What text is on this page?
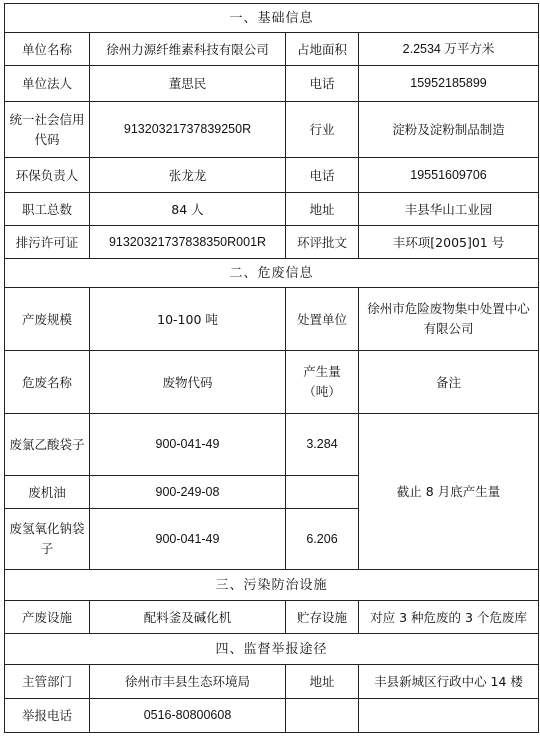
一、基础信息			
单位名称	徐州力源纤维素科技有限公司	占地面积	2.2534 万平方米
单位法人	董思民	电话	15952185899
统一社会信用代码	91320321737839250R	行业	淀粉及淀粉制品制造
环保负责人	张龙龙	电话	19551609706
职工总数	84 人	地址	丰县华山工业园
排污许可证	91320321737838350R001R	环评批文	丰环项[2005]01 号
二、危废信息			
产废规模	10-100 吨	处置单位	徐州市危险废物集中处置中心有限公司
危废名称	废物代码	产生量（吨）	备注
废氯乙酸袋子	900-041-49	3.284	截止 8 月底产生量
废机油	900-249-08		
废氢氧化钠袋子	900-041-49	6.206	
三、污染防治设施			
产废设施	配料釜及碱化机	贮存设施	对应 3 种危废的 3 个危废库
四、监督举报途径			
主管部门	徐州市丰县生态环境局	地址	丰县新城区行政中心 14 楼
举报电话	0516-80800608		
